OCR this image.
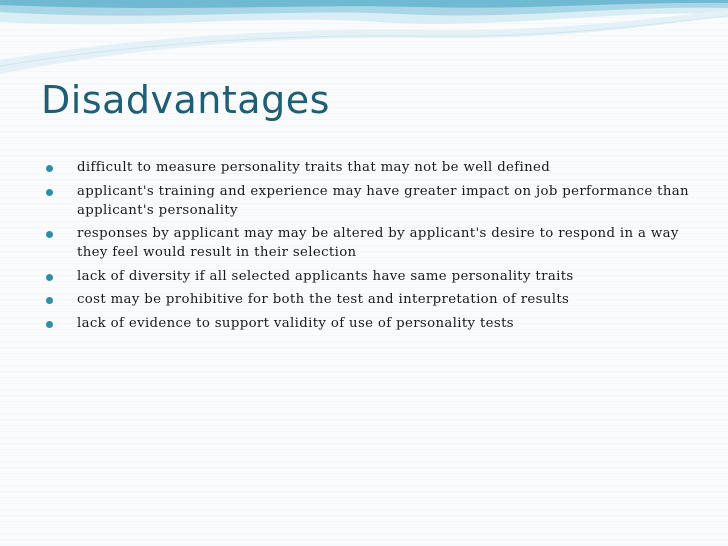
Disadvantages
difficult to measure personality traits that may not be well defined
applicant's training and experience may have greater impact on job performance than applicant's personality
responses by applicant may may be altered by applicant's desire to respond in a way they feel would result in their selection
lack of diversity if all selected applicants have same personality traits
cost may be prohibitive for both the test and interpretation of results
lack of evidence to support validity of use of personality tests
